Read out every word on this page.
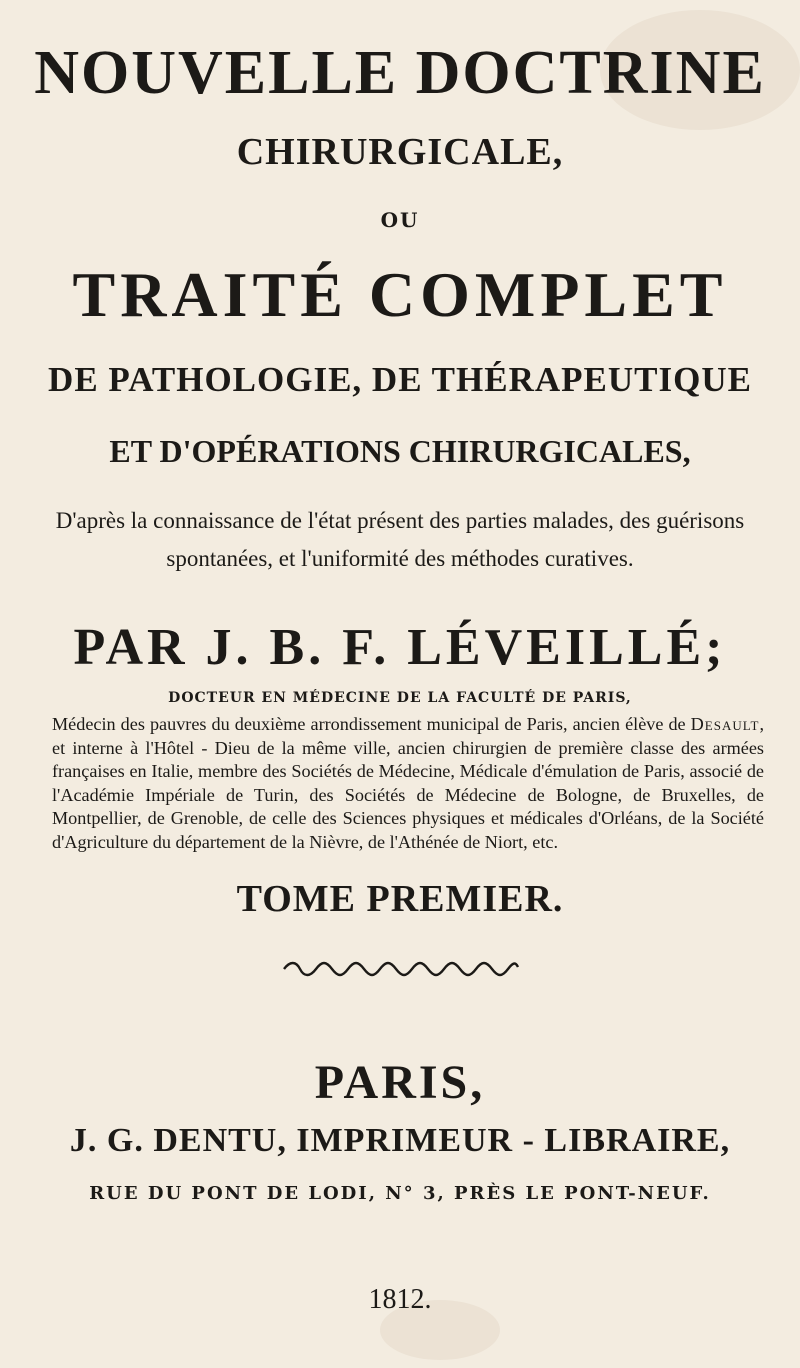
NOUVELLE DOCTRINE
CHIRURGICALE,
OU
TRAITÉ COMPLET
DE PATHOLOGIE, DE THÉRAPEUTIQUE
ET D'OPÉRATIONS CHIRURGICALES,
D'après la connaissance de l'état présent des parties malades, des guérisons spontanées, et l'uniformité des méthodes curatives.
PAR J. B. F. LÉVEILLÉ;
DOCTEUR EN MÉDECINE DE LA FACULTÉ DE PARIS,
Médecin des pauvres du deuxième arrondissement municipal de Paris, ancien élève de Desault, et interne à l'Hôtel - Dieu de la même ville, ancien chirurgien de première classe des armées françaises en Italie, membre des Sociétés de Médecine, Médicale d'émulation de Paris, associé de l'Académie Impériale de Turin, des Sociétés de Médecine de Bologne, de Bruxelles, de Montpellier, de Grenoble, de celle des Sciences physiques et médicales d'Orléans, de la Société d'Agriculture du département de la Nièvre, de l'Athénée de Niort, etc.
TOME PREMIER.
PARIS,
J. G. DENTU, IMPRIMEUR - LIBRAIRE,
RUE DU PONT DE LODI, N° 3, PRÈS LE PONT-NEUF.
1812.
